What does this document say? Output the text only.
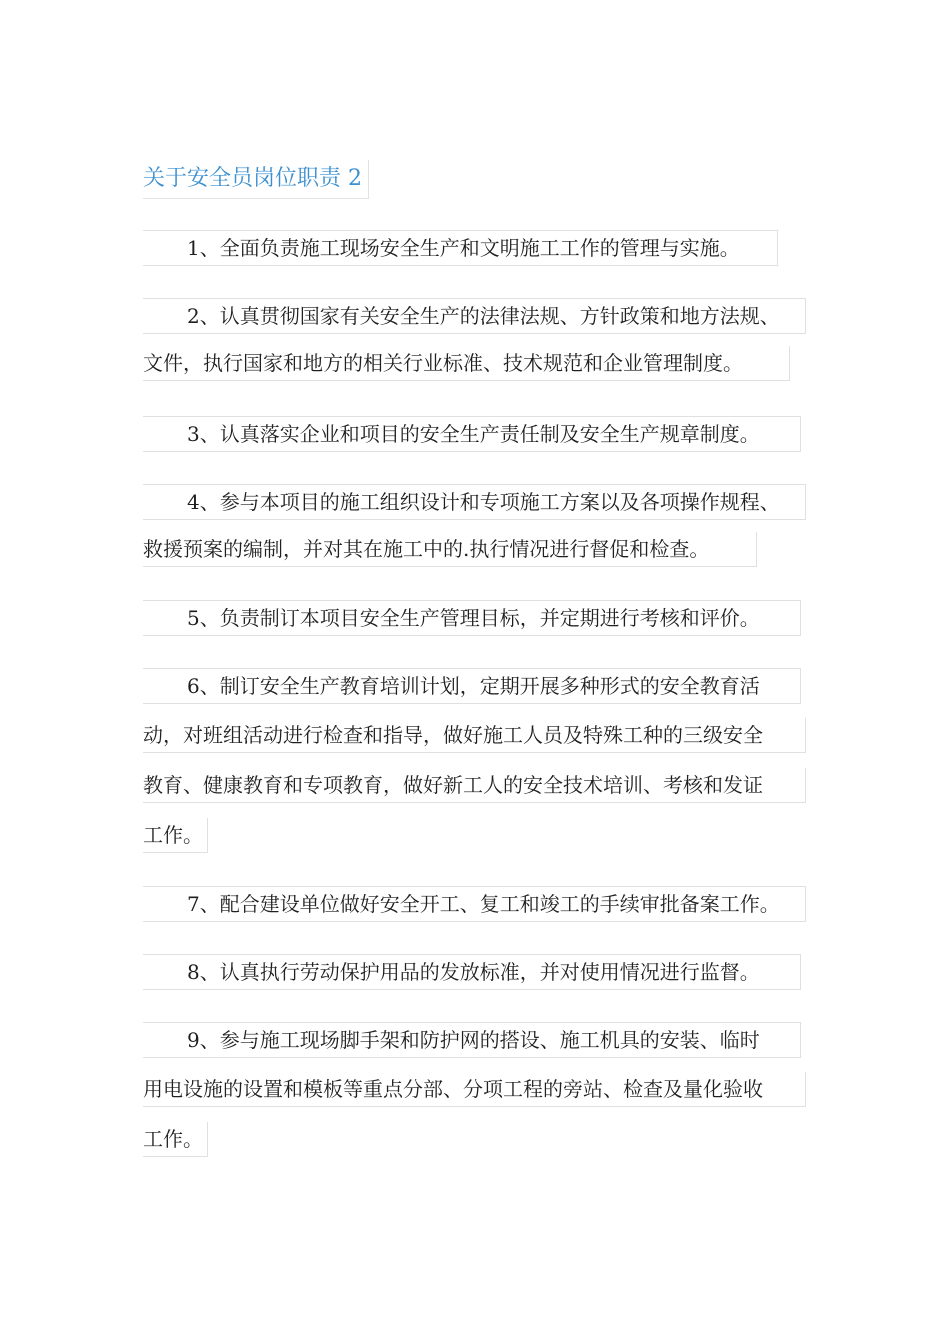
关于安全员岗位职责 2
1、全面负责施工现场安全生产和文明施工工作的管理与实施。
2、认真贯彻国家有关安全生产的法律法规、方针政策和地方法规、
文件，执行国家和地方的相关行业标准、技术规范和企业管理制度。
3、认真落实企业和项目的安全生产责任制及安全生产规章制度。
4、参与本项目的施工组织设计和专项施工方案以及各项操作规程、
救援预案的编制，并对其在施工中的.执行情况进行督促和检查。
5、负责制订本项目安全生产管理目标，并定期进行考核和评价。
6、制订安全生产教育培训计划，定期开展多种形式的安全教育活
动，对班组活动进行检查和指导，做好施工人员及特殊工种的三级安全
教育、健康教育和专项教育，做好新工人的安全技术培训、考核和发证
工作。
7、配合建设单位做好安全开工、复工和竣工的手续审批备案工作。
8、认真执行劳动保护用品的发放标准，并对使用情况进行监督。
9、参与施工现场脚手架和防护网的搭设、施工机具的安装、临时
用电设施的设置和模板等重点分部、分项工程的旁站、检查及量化验收
工作。
